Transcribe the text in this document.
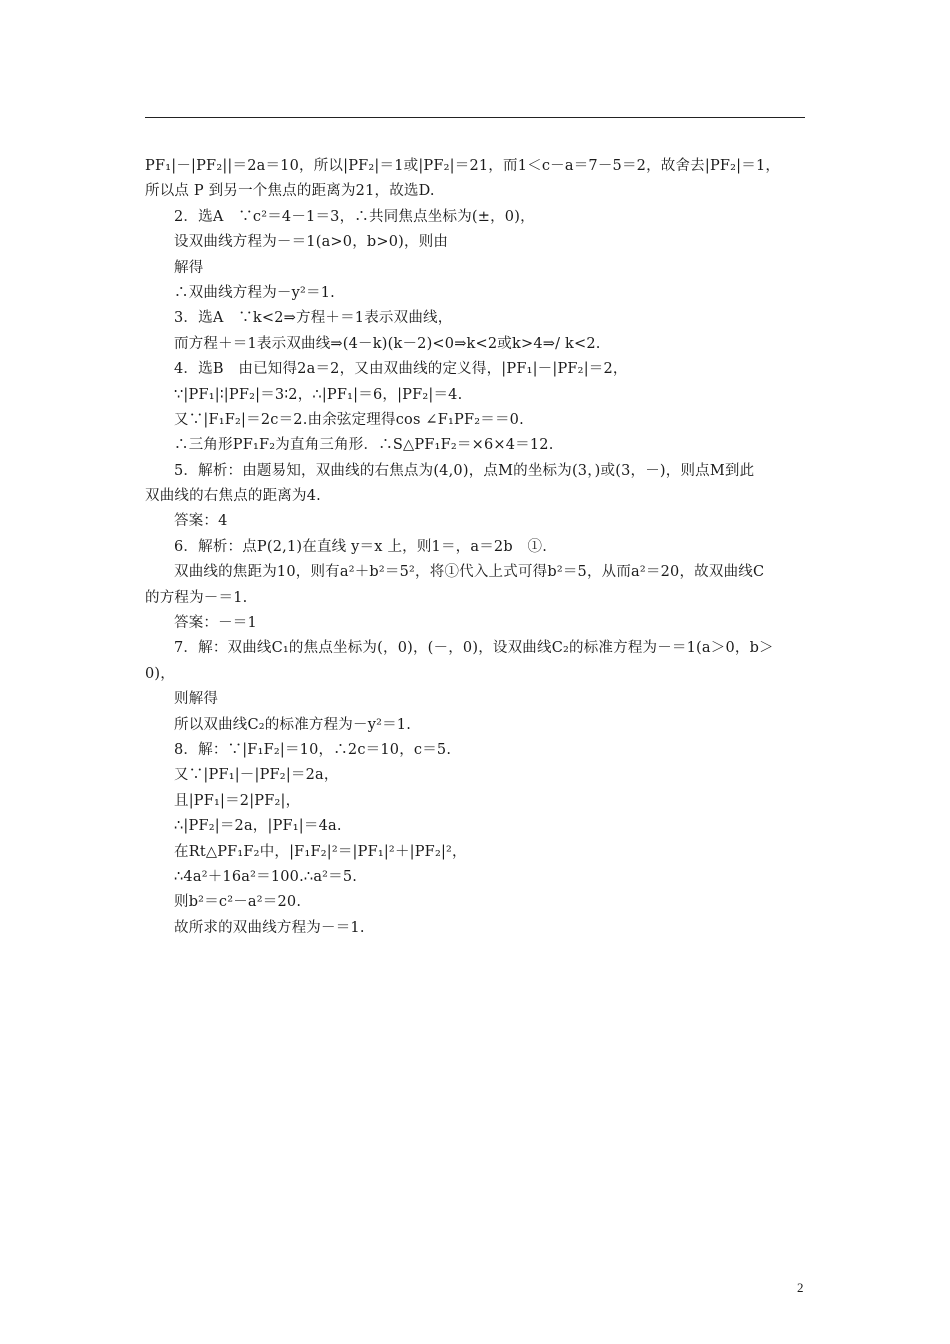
PF₁|－|PF₂||＝2a＝10，所以|PF₂|＝1或|PF₂|＝21，而1＜c－a＝7－5＝2，故舍去|PF₂|＝1，
所以点 P 到另一个焦点的距离为21，故选D.
2．选A　∵c²＝4－1＝3，∴共同焦点坐标为(±，0)，
设双曲线方程为－＝1(a>0，b>0)，则由
解得
∴双曲线方程为－y²＝1.
3．选A　∵k<2⇒方程＋＝1表示双曲线，
而方程＋＝1表示双曲线⇒(4－k)(k－2)<0⇒k<2或k>4⇒/ k<2.
4．选B　由已知得2a＝2，又由双曲线的定义得，|PF₁|－|PF₂|＝2，
∵|PF₁|∶|PF₂|＝3∶2，∴|PF₁|＝6，|PF₂|＝4.
又∵|F₁F₂|＝2c＝2.由余弦定理得cos ∠F₁PF₂＝＝0.
∴三角形PF₁F₂为直角三角形．∴S△PF₁F₂＝×6×4＝12.
5．解析：由题易知，双曲线的右焦点为(4,0)，点M的坐标为(3，)或(3，－)，则点M到此
双曲线的右焦点的距离为4.
答案：4
6．解析：点P(2,1)在直线 y＝x 上，则1＝，a＝2b　①.
双曲线的焦距为10，则有a²＋b²＝5²，将①代入上式可得b²＝5，从而a²＝20，故双曲线C
的方程为－＝1.
答案：－＝1
7．解：双曲线C₁的焦点坐标为(，0)，(－，0)，设双曲线C₂的标准方程为－＝1(a＞0，b＞
0)，
则解得
所以双曲线C₂的标准方程为－y²＝1.
8．解：∵|F₁F₂|＝10，∴2c＝10，c＝5.
又∵|PF₁|－|PF₂|＝2a，
且|PF₁|＝2|PF₂|，
∴|PF₂|＝2a，|PF₁|＝4a.
在Rt△PF₁F₂中，|F₁F₂|²＝|PF₁|²＋|PF₂|²，
∴4a²＋16a²＝100.∴a²＝5.
则b²＝c²－a²＝20.
故所求的双曲线方程为－＝1.
2
